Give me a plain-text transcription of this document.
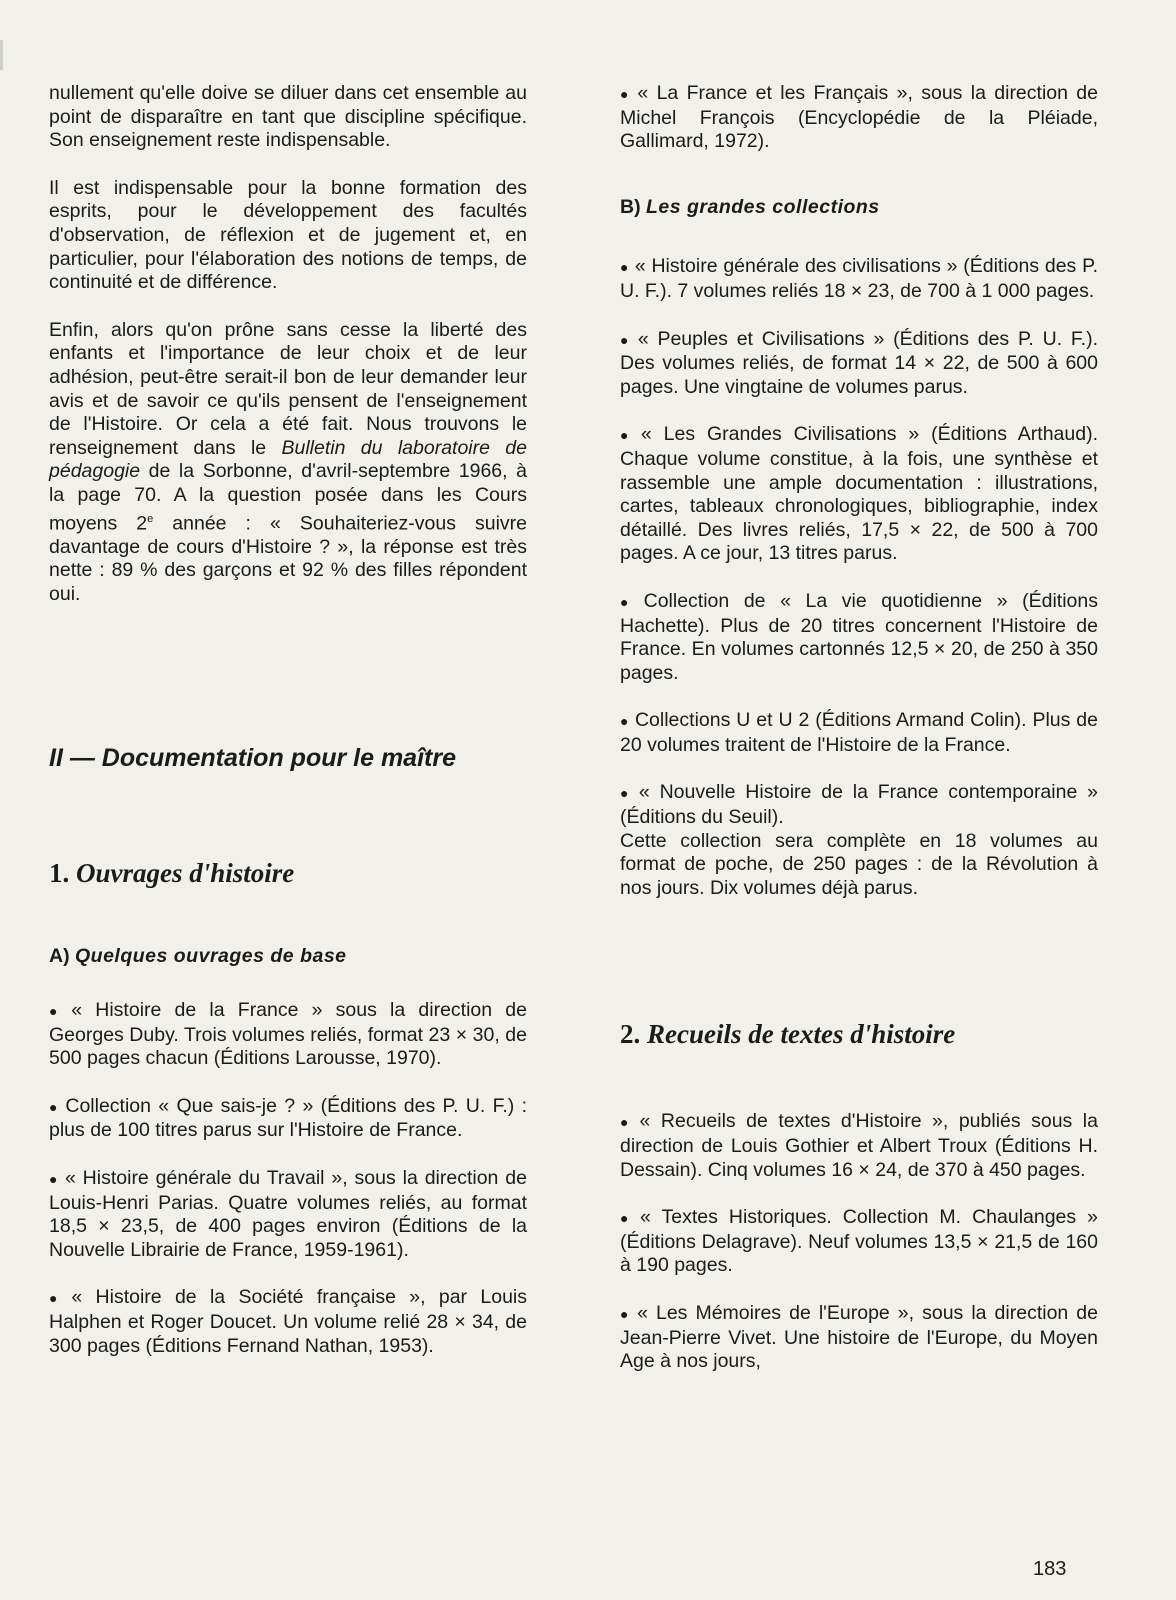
nullement qu'elle doive se diluer dans cet ensemble au point de disparaître en tant que discipline spécifique. Son enseignement reste indispensable.

Il est indispensable pour la bonne formation des esprits, pour le développement des facultés d'observation, de réflexion et de jugement et, en particulier, pour l'élaboration des notions de temps, de continuité et de différence.

Enfin, alors qu'on prône sans cesse la liberté des enfants et l'importance de leur choix et de leur adhésion, peut-être serait-il bon de leur demander leur avis et de savoir ce qu'ils pensent de l'enseignement de l'Histoire. Or cela a été fait. Nous trouvons le renseignement dans le Bulletin du laboratoire de pédagogie de la Sorbonne, d'avril-septembre 1966, à la page 70. A la question posée dans les Cours moyens 2e année : « Souhaiteriez-vous suivre davantage de cours d'Histoire ? », la réponse est très nette : 89 % des garçons et 92 % des filles répondent oui.

II — Documentation pour le maître
1. Ouvrages d'histoire
A) Quelques ouvrages de base
● « Histoire de la France » sous la direction de Georges Duby. Trois volumes reliés, format 23 × 30, de 500 pages chacun (Éditions Larousse, 1970).
● Collection « Que sais-je ? » (Éditions des P. U. F.) : plus de 100 titres parus sur l'Histoire de France.
● « Histoire générale du Travail », sous la direction de Louis-Henri Parias. Quatre volumes reliés, au format 18,5 × 23,5, de 400 pages environ (Éditions de la Nouvelle Librairie de France, 1959-1961).
● « Histoire de la Société française », par Louis Halphen et Roger Doucet. Un volume relié 28 × 34, de 300 pages (Éditions Fernand Nathan, 1953).
● « La France et les Français », sous la direction de Michel François (Encyclopédie de la Pléiade, Gallimard, 1972).
B) Les grandes collections
● « Histoire générale des civilisations » (Éditions des P. U. F.). 7 volumes reliés 18 × 23, de 700 à 1 000 pages.
● « Peuples et Civilisations » (Éditions des P. U. F.). Des volumes reliés, de format 14 × 22, de 500 à 600 pages. Une vingtaine de volumes parus.
● « Les Grandes Civilisations » (Éditions Arthaud). Chaque volume constitue, à la fois, une synthèse et rassemble une ample documentation : illustrations, cartes, tableaux chronologiques, bibliographie, index détaillé. Des livres reliés, 17,5 × 22, de 500 à 700 pages. A ce jour, 13 titres parus.
● Collection de « La vie quotidienne » (Éditions Hachette). Plus de 20 titres concernent l'Histoire de France. En volumes cartonnés 12,5 × 20, de 250 à 350 pages.
● Collections U et U 2 (Éditions Armand Colin). Plus de 20 volumes traitent de l'Histoire de la France.
● « Nouvelle Histoire de la France contemporaine » (Éditions du Seuil).
Cette collection sera complète en 18 volumes au format de poche, de 250 pages : de la Révolution à nos jours. Dix volumes déjà parus.
2. Recueils de textes d'histoire
● « Recueils de textes d'Histoire », publiés sous la direction de Louis Gothier et Albert Troux (Éditions H. Dessain). Cinq volumes 16 × 24, de 370 à 450 pages.
● « Textes Historiques. Collection M. Chaulanges » (Éditions Delagrave). Neuf volumes 13,5 × 21,5 de 160 à 190 pages.
● « Les Mémoires de l'Europe », sous la direction de Jean-Pierre Vivet. Une histoire de l'Europe, du Moyen Age à nos jours,
183
